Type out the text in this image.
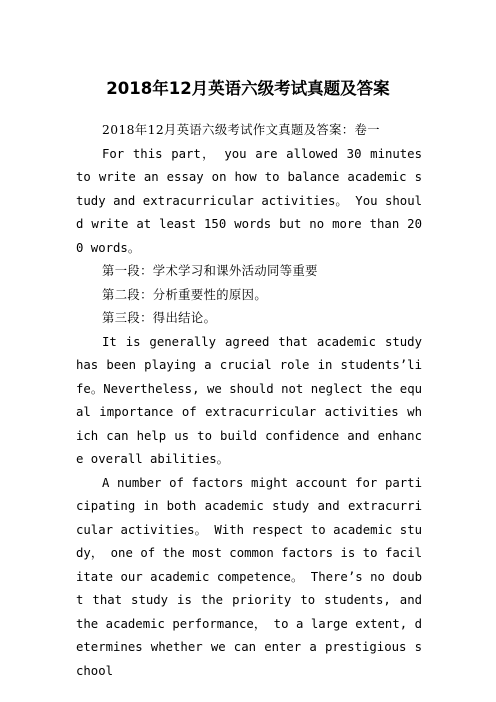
2018年12月英语六级考试真题及答案

2018年12月英语六级考试作文真题及答案：卷一

For this part， you are allowed 30 minutes to write an essay on how to balance academic study and extracurricular activities。 You should write at least 150 words but no more than 200 words。

第一段：学术学习和课外活动同等重要

第二段：分析重要性的原因。

第三段：得出结论。

It is generally agreed that academic study has been playing a crucial role in students’life。Nevertheless, we should not neglect the equal importance of extracurricular activities which can help us to build confidence and enhance overall abilities。

A number of factors might account for participating in both academic study and extracurricular activities。 With respect to academic study， one of the most common factors is to facilitate our academic competence。 There’s no doubt that study is the priority to students, and the academic performance， to a large extent, determines whether we can enter a prestigious school
